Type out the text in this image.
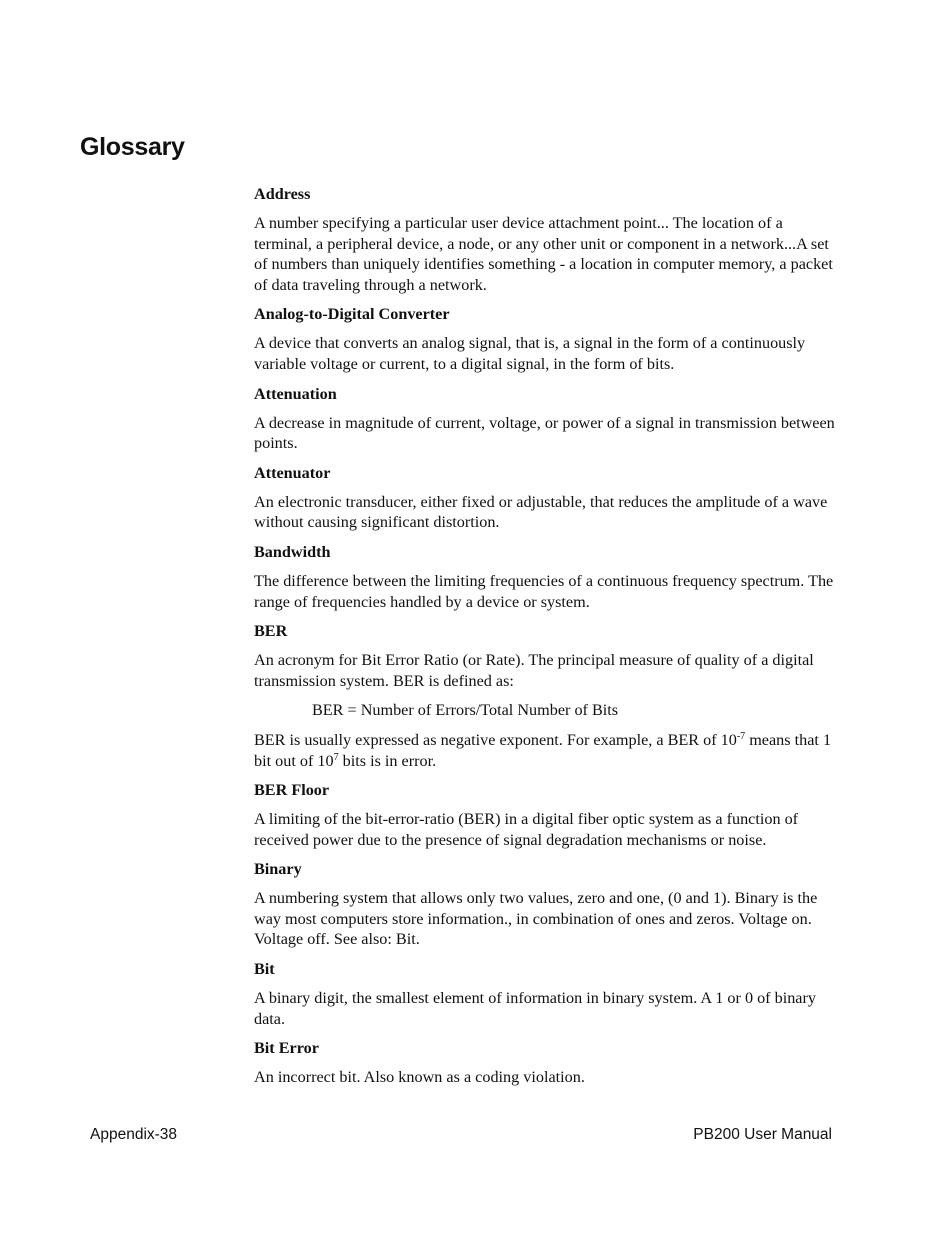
Glossary

Address

A number specifying a particular user device attachment point... The location of a terminal, a peripheral device, a node, or any other unit or component in a network...A set of numbers than uniquely identifies something - a location in computer memory, a packet of data traveling through a network.

Analog-to-Digital Converter

A device that converts an analog signal, that is, a signal in the form of a continuously variable voltage or current, to a digital signal, in the form of bits.

Attenuation

A decrease in magnitude of current, voltage, or power of a signal in transmission between points.

Attenuator

An electronic transducer, either fixed or adjustable, that reduces the amplitude of a wave without causing significant distortion.

Bandwidth

The difference between the limiting frequencies of a continuous frequency spectrum. The range of frequencies handled by a device or system.

BER

An acronym for Bit Error Ratio (or Rate). The principal measure of quality of a digital transmission system. BER is defined as:

BER = Number of Errors/Total Number of Bits

BER is usually expressed as negative exponent. For example, a BER of $10^{-7}$ means that 1 bit out of $10^7$ bits is in error.

BER Floor

A limiting of the bit-error-ratio (BER) in a digital fiber optic system as a function of received power due to the presence of signal degradation mechanisms or noise.

Binary

A numbering system that allows only two values, zero and one, (0 and 1). Binary is the way most computers store information., in combination of ones and zeros. Voltage on. Voltage off. See also: Bit.

Bit

A binary digit, the smallest element of information in binary system. A 1 or 0 of binary data.

Bit Error

An incorrect bit. Also known as a coding violation.

Appendix-38	PB200 User Manual
